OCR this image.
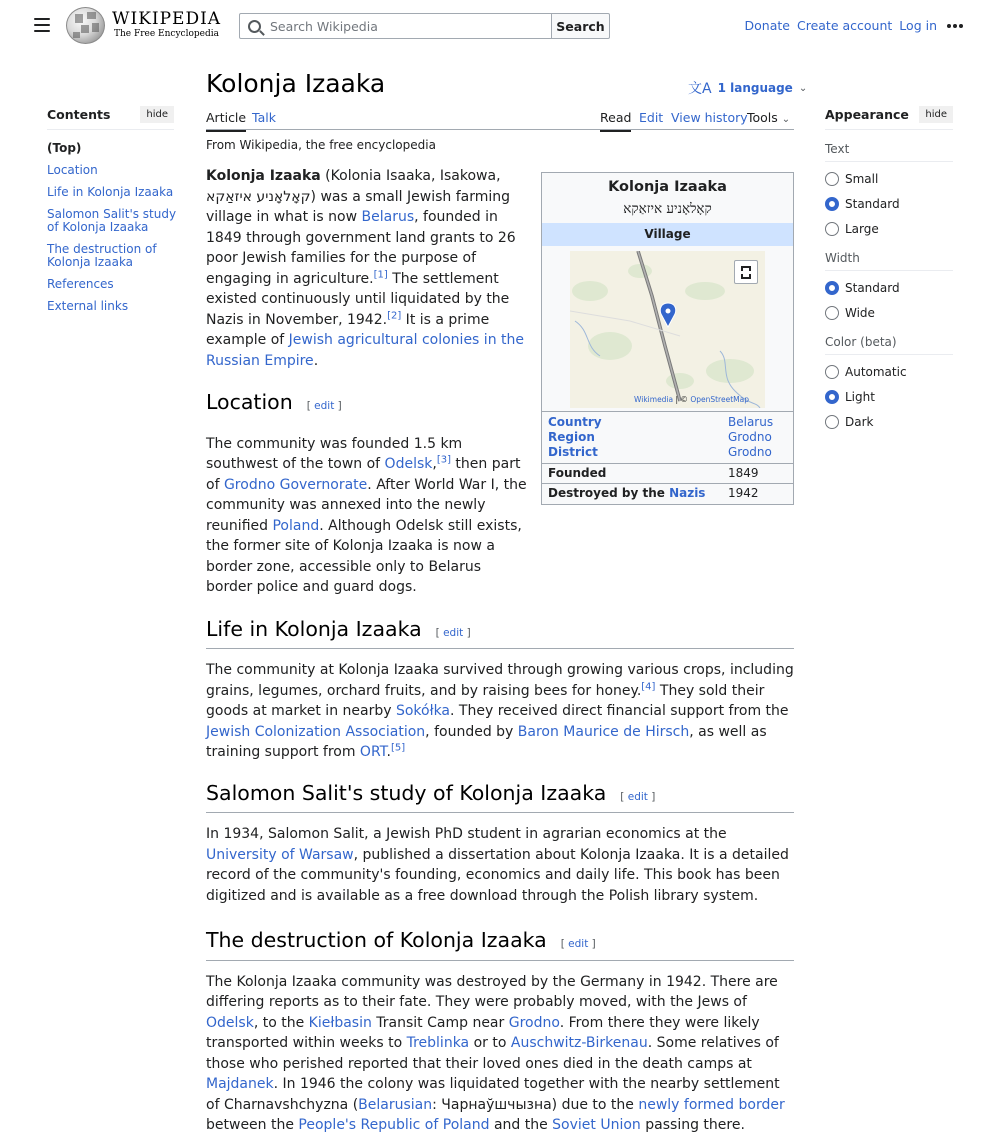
WIKIPEDIA
The Free Encyclopedia
Search Wikipedia
Search	Donate Create account Log in
Contents	hide
(Top)
Location
Life in Kolonja Izaaka
Salomon Salit's study of Kolonja Izaaka
The destruction of Kolonja Izaaka
References
External links
Appearance	hide
Text
Small
Standard
Large
Width
Standard
Wide
Color (beta)
Automatic
Light
Dark
Kolonja Izaaka	文A 1 language ⌄
Article Talk	Read Edit View history Tools ⌄
From Wikipedia, the free encyclopedia
Kolonja Izaaka
קאָלאָניע איזאַקא
Village
Wikimedia | © OpenStreetMap
Country	Belarus
Region	Grodno
District	Grodno
Founded	1849
Destroyed by the Nazis 1942

Kolonja Izaaka (Kolonia Isaaka, Isakowa, קאָלאָניע איזאַקא) was a small Jewish farming village in what is now Belarus, founded in 1849 through government land grants to 26 poor Jewish families for the purpose of engaging in agriculture.[1] The settlement existed continuously until liquidated by the Nazis in November, 1942.[2] It is a prime example of Jewish agricultural colonies in the Russian Empire.

Location [ edit ]

The community was founded 1.5 km southwest of the town of Odelsk,[3] then part of Grodno Governorate. After World War I, the community was annexed into the newly reunified Poland. Although Odelsk still exists, the former site of Kolonja Izaaka is now a border zone, accessible only to Belarus border police and guard dogs.

Life in Kolonja Izaaka [ edit ]

The community at Kolonja Izaaka survived through growing various crops, including grains, legumes, orchard fruits, and by raising bees for honey.[4] They sold their goods at market in nearby Sokółka. They received direct financial support from the Jewish Colonization Association, founded by Baron Maurice de Hirsch, as well as training support from ORT.[5]

Salomon Salit's study of Kolonja Izaaka [ edit ]

In 1934, Salomon Salit, a Jewish PhD student in agrarian economics at the University of Warsaw, published a dissertation about Kolonja Izaaka. It is a detailed record of the community's founding, economics and daily life. This book has been digitized and is available as a free download through the Polish library system.

The destruction of Kolonja Izaaka [ edit ]

The Kolonja Izaaka community was destroyed by the Germany in 1942. There are differing reports as to their fate. They were probably moved, with the Jews of Odelsk, to the Kiełbasin Transit Camp near Grodno. From there they were likely transported within weeks to Treblinka or to Auschwitz-Birkenau. Some relatives of those who perished reported that their loved ones died in the death camps at Majdanek. In 1946 the colony was liquidated together with the nearby settlement of Charnavshchyzna (Belarusian: Чарнаўшчызна) due to the newly formed border between the People's Republic of Poland and the Soviet Union passing there.
